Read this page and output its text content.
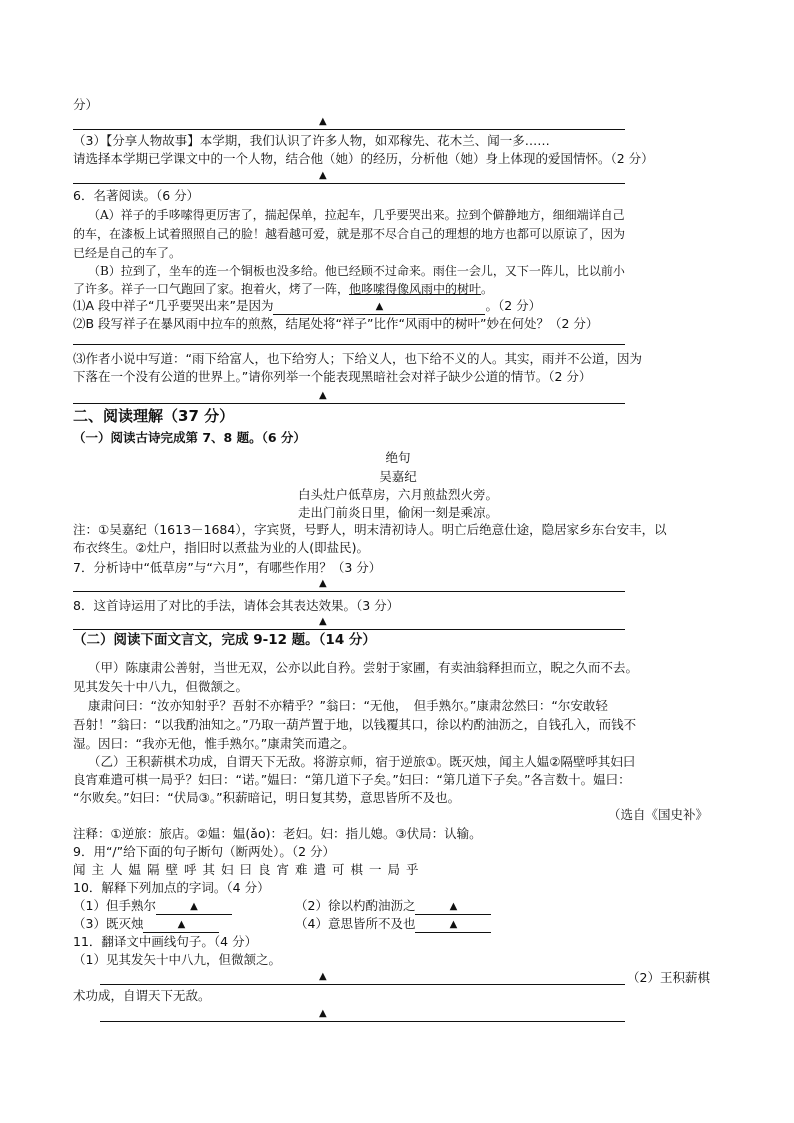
分）
▲
（3）【分享人物故事】本学期，我们认识了许多人物，如邓稼先、花木兰、闻一多……
请选择本学期已学课文中的一个人物，结合他（她）的经历，分析他（她）身上体现的爱国情怀。（2 分）
▲
6．名著阅读。（6 分）
（A）祥子的手哆嗦得更厉害了，揣起保单，拉起车，几乎要哭出来。拉到个僻静地方，细细端详自己
的车，在漆板上试着照照自己的脸！越看越可爱，就是那不尽合自己的理想的地方也都可以原谅了，因为
已经是自己的车了。
（B）拉到了，坐车的连一个铜板也没多给。他已经顾不过命来。雨住一会儿，又下一阵儿，比以前小
了许多。祥子一口气跑回了家。抱着火，烤了一阵，他哆嗦得像风雨中的树叶。
⑴A 段中祥子“几乎要哭出来”是因为	▲	。（2 分）
⑵B 段写祥子在暴风雨中拉车的煎熬，结尾处将“祥子”比作“风雨中的树叶”妙在何处？（2 分）
⑶作者小说中写道：“雨下给富人，也下给穷人；下给义人，也下给不义的人。其实，雨并不公道，因为
下落在一个没有公道的世界上。”请你列举一个能表现黑暗社会对祥子缺少公道的情节。（2 分）
▲
二、阅读理解（37 分）
（一）阅读古诗完成第 7、8 题。（6 分）
绝句
吴嘉纪
白头灶户低草房，六月煎盐烈火旁。
走出门前炎日里，偷闲一刻是乘凉。
注：①吴嘉纪（1613－1684），字宾贤，号野人，明末清初诗人。明亡后绝意仕途，隐居家乡东台安丰，以
布衣终生。②灶户，指旧时以煮盐为业的人(即盐民)。
7．分析诗中“低草房”与“六月”，有哪些作用？（3 分）
▲
8．这首诗运用了对比的手法，请体会其表达效果。（3 分）
▲
（二）阅读下面文言文，完成 9-12 题。（14 分）
（甲）陈康肃公善射，当世无双，公亦以此自矜。尝射于家圃，有卖油翁释担而立，睨之久而不去。
见其发矢十中八九，但微颔之。
康肃问曰：“汝亦知射乎？吾射不亦精乎？”翁曰：“无他，　但手熟尔。”康肃忿然曰：“尔安敢轻
吾射！”翁曰：“以我酌油知之。”乃取一葫芦置于地，以钱覆其口，徐以杓酌油沥之，自钱孔入，而钱不
湿。因曰：“我亦无他，惟手熟尔。”康肃笑而遣之。
（乙）王积薪棋术功成，自谓天下无敌。将游京师，宿于逆旅①。既灭烛，闻主人媪②隔壁呼其妇曰
良宵难遣可棋一局乎？妇曰：“诺。”媪曰：“第几道下子矣。”妇曰：“第几道下子矣。”各言数十。媪曰：
“尔败矣。”妇曰：“伏局③。”积薪暗记，明日复其势，意思皆所不及也。
（选自《国史补》
注释：①逆旅：旅店。②媪：媪(ǎo)：老妇。妇：指儿媳。③伏局：认输。
9．用“/”给下面的句子断句（断两处）。（2 分）
闻主人媪隔壁呼其妇曰良宵难遣可棋一局乎
10．解释下列加点的字词。（4 分）
（1）但手熟尔	▲	（2）徐以杓酌油沥之	▲
（3）既灭烛	▲	（4）意思皆所不及也	▲
11．翻译文中画线句子。（4 分）
（1）见其发矢十中八九，但微颔之。
▲	（2）王积薪棋
术功成，自谓天下无敌。
▲
